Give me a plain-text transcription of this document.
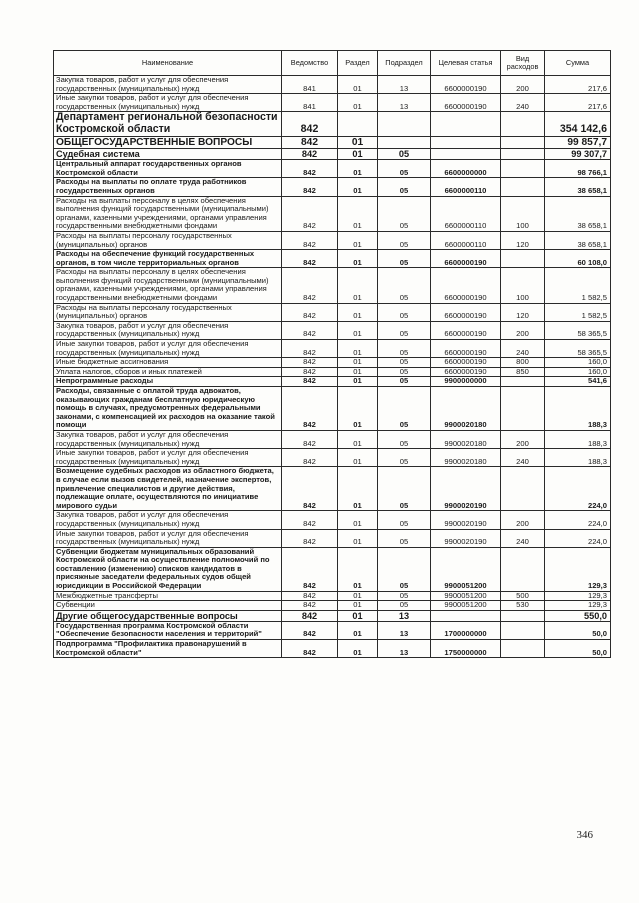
Наименование	Ведомство	Раздел	Подраздел	Целевая статья	Вид расходов	Сумма
Закупка товаров, работ и услуг для обеспечения государственных (муниципальных) нужд	841	01	13	6600000190	200	217,6
Иные закупки товаров, работ и услуг для обеспечения государственных (муниципальных) нужд	841	01	13	6600000190	240	217,6
Департамент региональной безопасности Костромской области	842					354 142,6
ОБЩЕГОСУДАРСТВЕННЫЕ ВОПРОСЫ	842	01				99 857,7
Судебная система	842	01	05			99 307,7
Центральный аппарат государственных органов Костромской области	842	01	05	6600000000		98 766,1
Расходы на выплаты по оплате труда работников государственных органов	842	01	05	6600000110		38 658,1
Расходы на выплаты персоналу в целях обеспечения выполнения функций государственными (муниципальными) органами, казенными учреждениями, органами управления государственными внебюджетными фондами	842	01	05	6600000110	100	38 658,1
Расходы на выплаты персоналу государственных (муниципальных) органов	842	01	05	6600000110	120	38 658,1
Расходы на обеспечение функций государственных органов, в том числе территориальных органов	842	01	05	6600000190		60 108,0
Расходы на выплаты персоналу в целях обеспечения выполнения функций государственными (муниципальными) органами, казенными учреждениями, органами управления государственными внебюджетными фондами	842	01	05	6600000190	100	1 582,5
Расходы на выплаты персоналу государственных (муниципальных) органов	842	01	05	6600000190	120	1 582,5
Закупка товаров, работ и услуг для обеспечения государственных (муниципальных) нужд	842	01	05	6600000190	200	58 365,5
Иные закупки товаров, работ и услуг для обеспечения государственных (муниципальных) нужд	842	01	05	6600000190	240	58 365,5
Иные бюджетные ассигнования	842	01	05	6600000190	800	160,0
Уплата налогов, сборов и иных платежей	842	01	05	6600000190	850	160,0
Непрограммные расходы	842	01	05	9900000000		541,6
Расходы, связанные с оплатой труда адвокатов, оказывающих гражданам бесплатную юридическую помощь в случаях, предусмотренных федеральными законами, с компенсацией их расходов на оказание такой помощи	842	01	05	9900020180		188,3
Закупка товаров, работ и услуг для обеспечения государственных (муниципальных) нужд	842	01	05	9900020180	200	188,3
Иные закупки товаров, работ и услуг для обеспечения государственных (муниципальных) нужд	842	01	05	9900020180	240	188,3
Возмещение судебных расходов из областного бюджета, в случае если вызов свидетелей, назначение экспертов, привлечение специалистов и другие действия, подлежащие оплате, осуществляются по инициативе мирового судьи	842	01	05	9900020190		224,0
Закупка товаров, работ и услуг для обеспечения государственных (муниципальных) нужд	842	01	05	9900020190	200	224,0
Иные закупки товаров, работ и услуг для обеспечения государственных (муниципальных) нужд	842	01	05	9900020190	240	224,0
Субвенции бюджетам муниципальных образований Костромской области на осуществление полномочий по составлению (изменению) списков кандидатов в присяжные заседатели федеральных судов общей юрисдикции в Российской Федерации	842	01	05	9900051200		129,3
Межбюджетные трансферты	842	01	05	9900051200	500	129,3
Субвенции	842	01	05	9900051200	530	129,3
Другие общегосударственные вопросы	842	01	13			550,0
Государственная программа Костромской области "Обеспечение безопасности населения и территорий"	842	01	13	1700000000		50,0
Подпрограмма "Профилактика правонарушений в Костромской области"	842	01	13	1750000000		50,0
346
